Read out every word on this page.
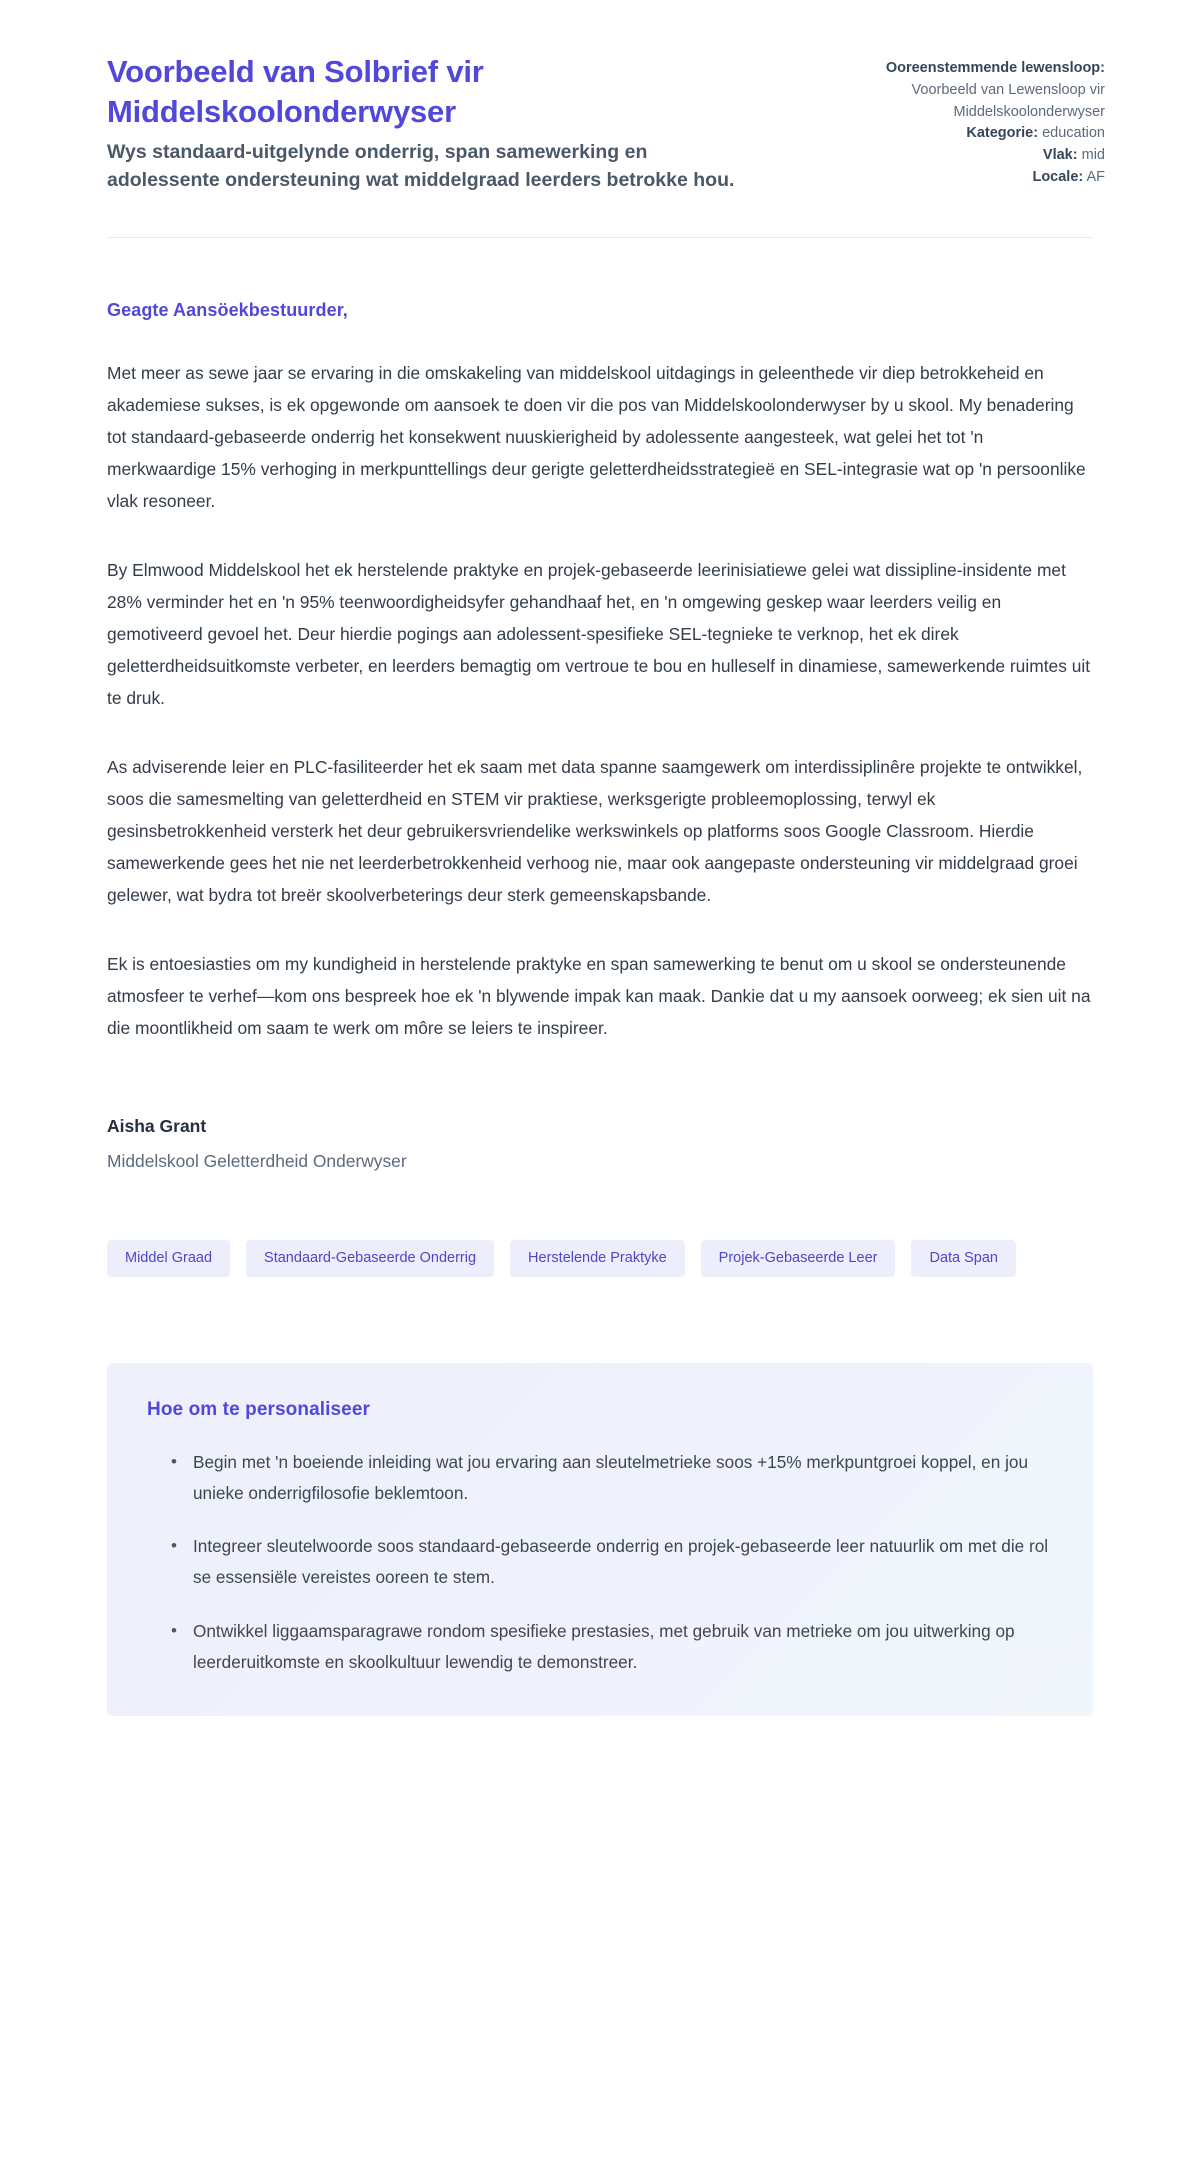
Voorbeeld van Solbrief vir Middelskoolonderwyser

Wys standaard-uitgelynde onderrig, span samewerking en adolessente ondersteuning wat middelgraad leerders betrokke hou.

Ooreenstemmende lewensloop: Voorbeeld van Lewensloop vir Middelskoolonderwyser
Kategorie: education
Vlak: mid
Locale: AF

Geagte Aansöekbestuurder,

Met meer as sewe jaar se ervaring in die omskakeling van middelskool uitdagings in geleenthede vir diep betrokkeheid en akademiese sukses, is ek opgewonde om aansoek te doen vir die pos van Middelskoolonderwyser by u skool. My benadering tot standaard-gebaseerde onderrig het konsekwent nuuskierigheid by adolessente aangesteek, wat gelei het tot 'n merkwaardige 15% verhoging in merkpunttellings deur gerigte geletterdheidsstrategieë en SEL-integrasie wat op 'n persoonlike vlak resoneer.

By Elmwood Middelskool het ek herstelende praktyke en projek-gebaseerde leerinisiatiewe gelei wat dissipline-insidente met 28% verminder het en 'n 95% teenwoordigheidsyfer gehandhaaf het, en 'n omgewing geskep waar leerders veilig en gemotiveerd gevoel het. Deur hierdie pogings aan adolessent-spesifieke SEL-tegnieke te verknop, het ek direk geletterdheidsuitkomste verbeter, en leerders bemagtig om vertroue te bou en hulleself in dinamiese, samewerkende ruimtes uit te druk.

As adviserende leier en PLC-fasiliteerder het ek saam met data spanne saamgewerk om interdissiplinêre projekte te ontwikkel, soos die samesmelting van geletterdheid en STEM vir praktiese, werksgerigte probleemoplossing, terwyl ek gesinsbetrokkenheid versterk het deur gebruikersvriendelike werkswinkels op platforms soos Google Classroom. Hierdie samewerkende gees het nie net leerderbetrokkenheid verhoog nie, maar ook aangepaste ondersteuning vir middelgraad groei gelewer, wat bydra tot breër skoolverbeterings deur sterk gemeenskapsbande.

Ek is entoesiasties om my kundigheid in herstelende praktyke en span samewerking te benut om u skool se ondersteunende atmosfeer te verhef—kom ons bespreek hoe ek 'n blywende impak kan maak. Dankie dat u my aansoek oorweeg; ek sien uit na die moontlikheid om saam te werk om môre se leiers te inspireer.

Aisha Grant

Middelskool Geletterdheid Onderwyser

Middel Graad	Standaard-Gebaseerde Onderrig	Herstelende Praktyke	Projek-Gebaseerde Leer	Data Span
Hoe om te personaliseer
• Begin met 'n boeiende inleiding wat jou ervaring aan sleutelmetrieke soos +15% merkpuntgroei koppel, en jou unieke onderrigfilosofie beklemtoon.
• Integreer sleutelwoorde soos standaard-gebaseerde onderrig en projek-gebaseerde leer natuurlik om met die rol se essensiële vereistes ooreen te stem.
• Ontwikkel liggaamsparagrawe rondom spesifieke prestasies, met gebruik van metrieke om jou uitwerking op leerderuitkomste en skoolkultuur lewendig te demonstreer.
